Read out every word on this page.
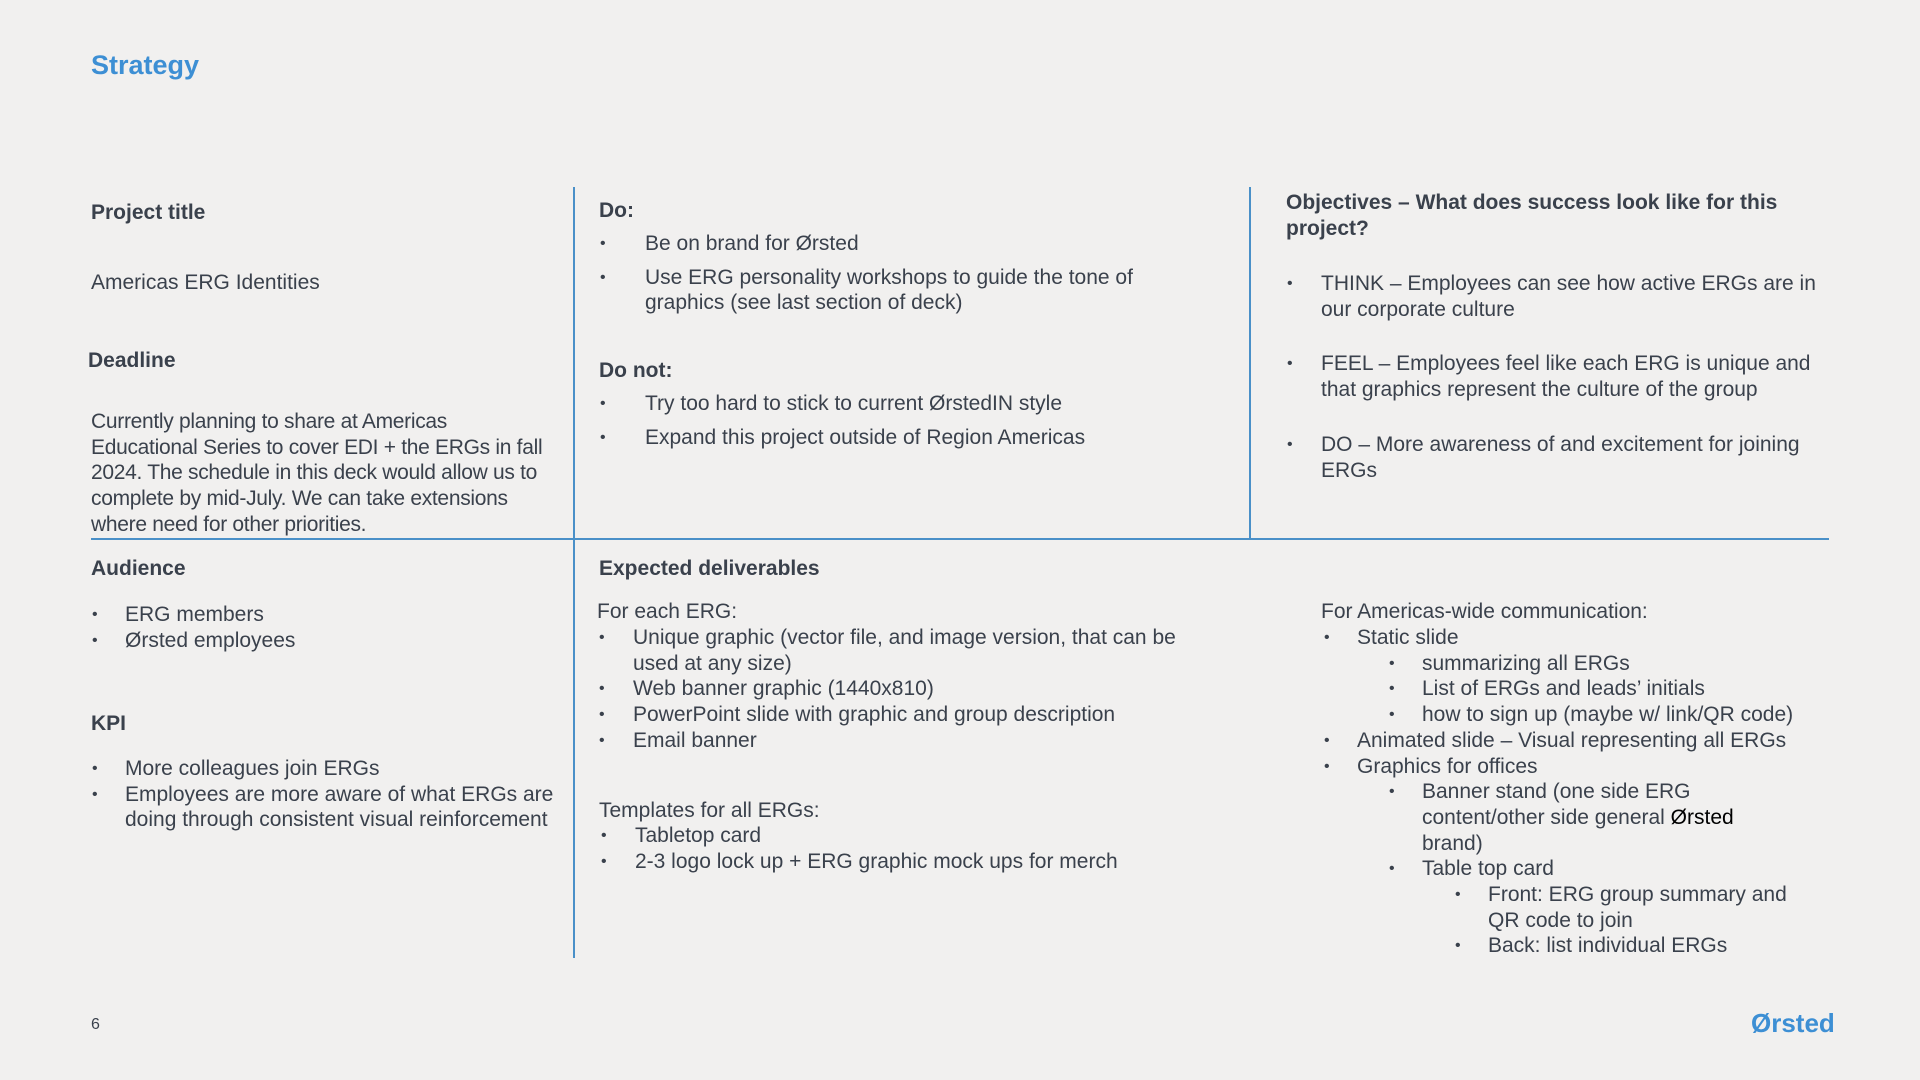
Strategy
Project title
Americas ERG Identities
Deadline
Currently planning to share at Americas Educational Series to cover EDI + the ERGs in fall 2024. The schedule in this deck would allow us to complete by mid-July. We can take extensions where need for other priorities.
Audience
• ERG members
• Ørsted employees
KPI
• More colleagues join ERGs
• Employees are more aware of what ERGs are doing through consistent visual reinforcement
Do:
• Be on brand for Ørsted
• Use ERG personality workshops to guide the tone of graphics (see last section of deck)
Do not:
• Try too hard to stick to current ØrstedIN style
• Expand this project outside of Region Americas
Expected deliverables
For each ERG:
• Unique graphic (vector file, and image version, that can be used at any size)
• Web banner graphic (1440x810)
• PowerPoint slide with graphic and group description
• Email banner
Templates for all ERGs:
• Tabletop card
• 2-3 logo lock up + ERG graphic mock ups for merch
Objectives – What does success look like for this project?
• THINK – Employees can see how active ERGs are in our corporate culture
• FEEL – Employees feel like each ERG is unique and that graphics represent the culture of the group
• DO – More awareness of and excitement for joining ERGs
For Americas-wide communication:
• Static slide
• summarizing all ERGs
• List of ERGs and leads’ initials
• how to sign up (maybe w/ link/QR code)
• Animated slide – Visual representing all ERGs
• Graphics for offices
• Banner stand (one side ERG content/other side general Ørsted brand)
• Table top card
• Front: ERG group summary and QR code to join
• Back: list individual ERGs
6	Ørsted
